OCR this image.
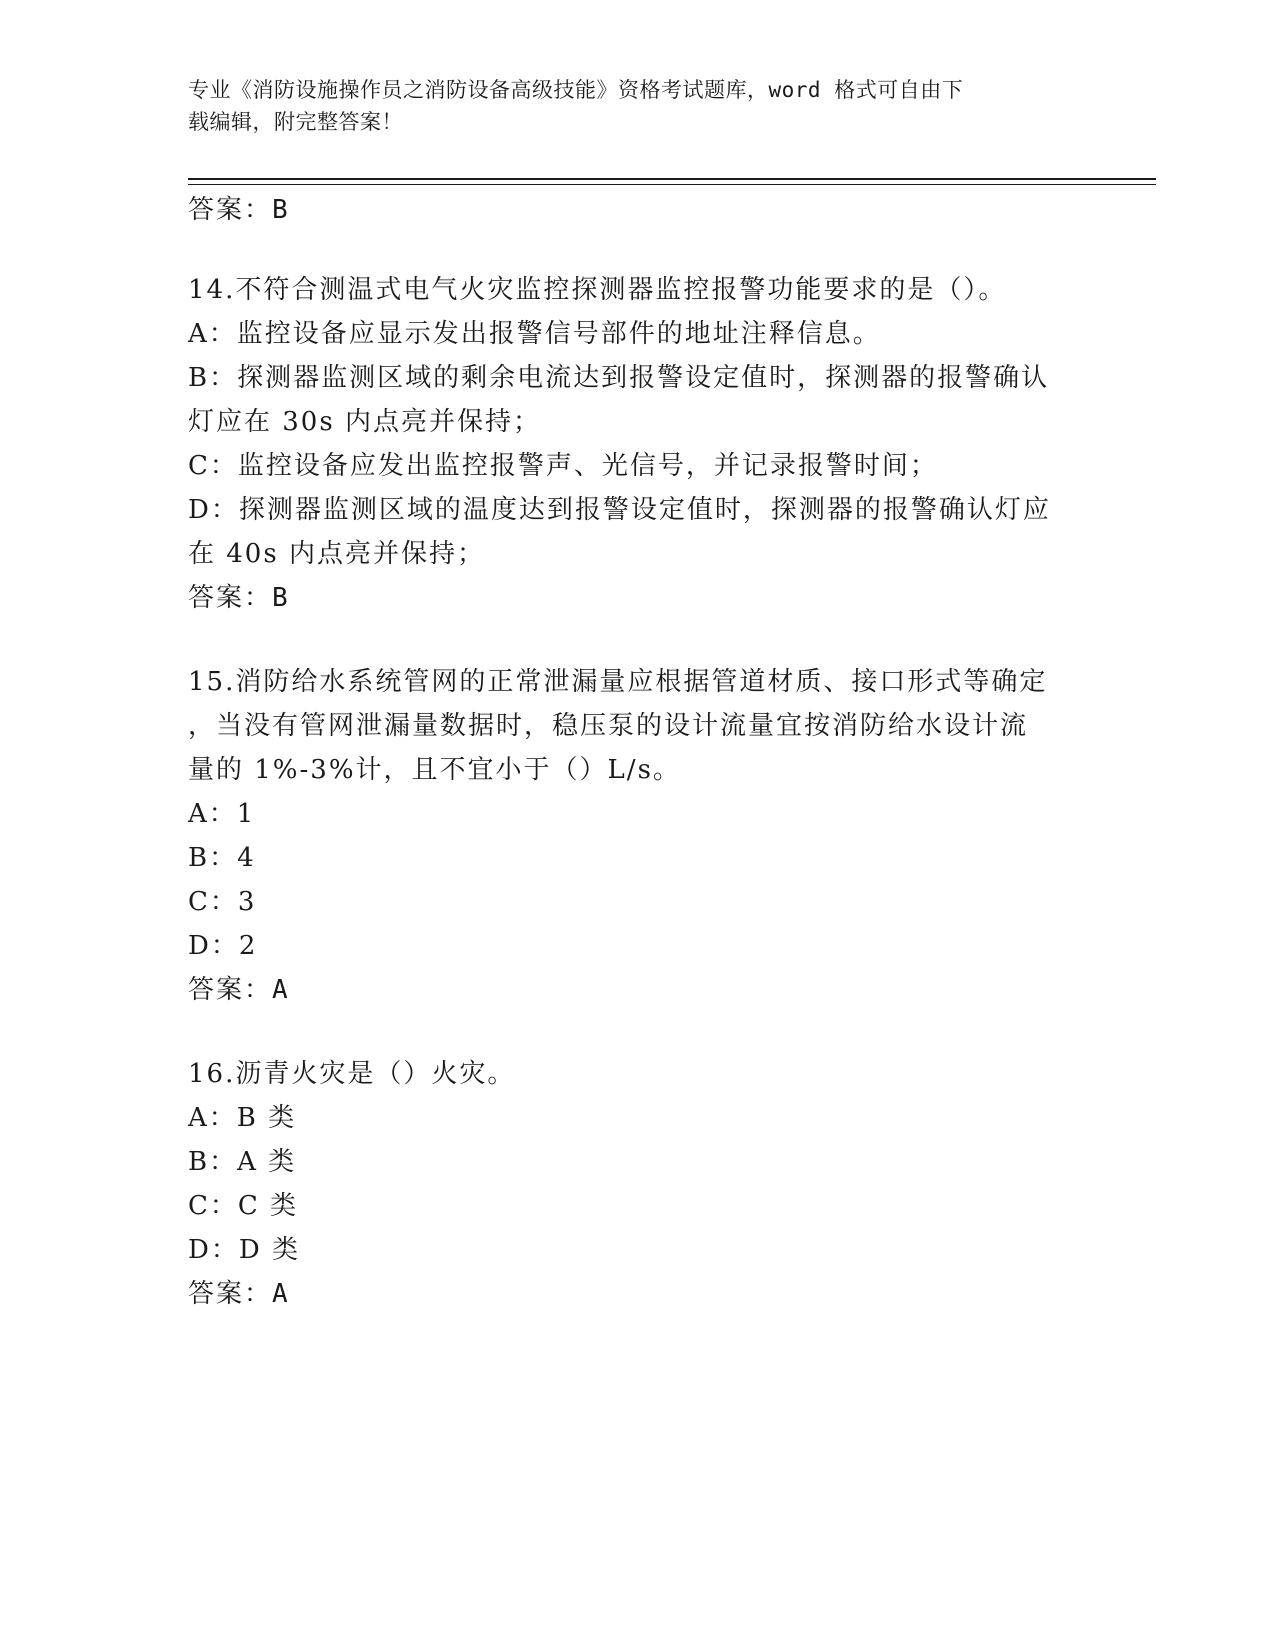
专业《消防设施操作员之消防设备高级技能》资格考试题库，word 格式可自由下
载编辑，附完整答案！
答案：B
14.不符合测温式电气火灾监控探测器监控报警功能要求的是（）。
A：监控设备应显示发出报警信号部件的地址注释信息。
B：探测器监测区域的剩余电流达到报警设定值时，探测器的报警确认
灯应在 30s 内点亮并保持；
C：监控设备应发出监控报警声、光信号，并记录报警时间；
D：探测器监测区域的温度达到报警设定值时，探测器的报警确认灯应
在 40s 内点亮并保持；
答案：B
15.消防给水系统管网的正常泄漏量应根据管道材质、接口形式等确定
，当没有管网泄漏量数据时，稳压泵的设计流量宜按消防给水设计流
量的 1%-3%计，且不宜小于（）L/s。
A：1
B：4
C：3
D：2
答案：A
16.沥青火灾是（）火灾。
A：B 类
B：A 类
C：C 类
D：D 类
答案：A
